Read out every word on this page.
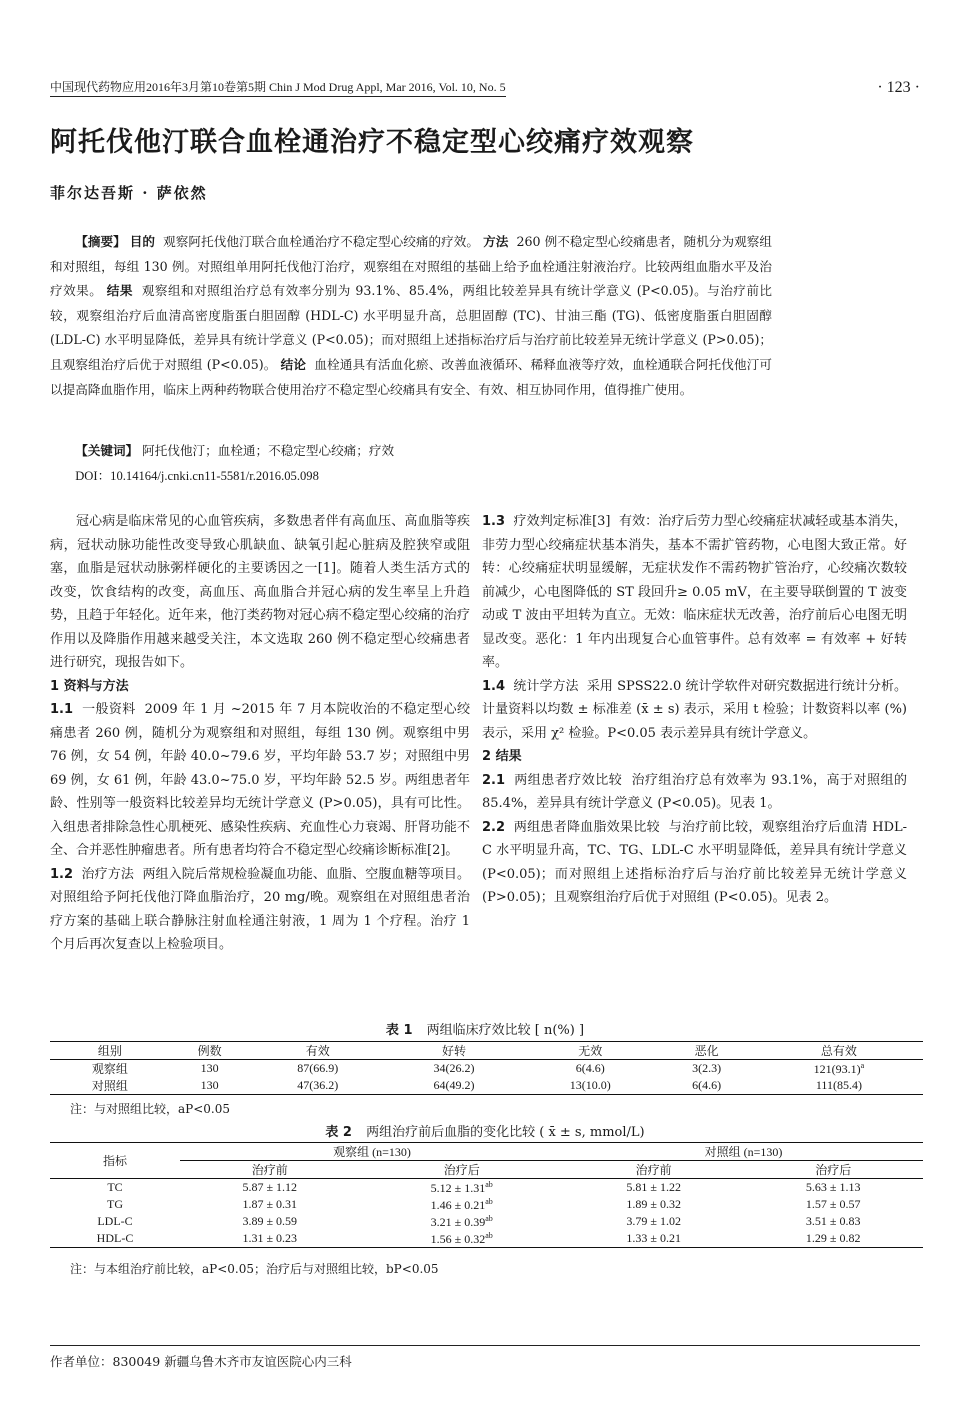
中国现代药物应用2016年3月第10卷第5期 Chin J Mod Drug Appl, Mar 2016, Vol. 10, No. 5	· 123 ·
阿托伐他汀联合血栓通治疗不稳定型心绞痛疗效观察
菲尔达吾斯 · 萨依然
【摘要】 目的 观察阿托伐他汀联合血栓通治疗不稳定型心绞痛的疗效。 方法 260 例不稳定型心绞痛患者，随机分为观察组和对照组，每组 130 例。对照组单用阿托伐他汀治疗，观察组在对照组的基础上给予血栓通注射液治疗。比较两组血脂水平及治疗效果。 结果 观察组和对照组治疗总有效率分别为 93.1%、85.4%，两组比较差异具有统计学意义 (P<0.05)。与治疗前比较，观察组治疗后血清高密度脂蛋白胆固醇 (HDL-C) 水平明显升高，总胆固醇 (TC)、甘油三酯 (TG)、低密度脂蛋白胆固醇 (LDL-C) 水平明显降低，差异具有统计学意义 (P<0.05)；而对照组上述指标治疗后与治疗前比较差异无统计学意义 (P>0.05)；且观察组治疗后优于对照组 (P<0.05)。 结论 血栓通具有活血化瘀、改善血液循环、稀释血液等疗效，血栓通联合阿托伐他汀可以提高降血脂作用，临床上两种药物联合使用治疗不稳定型心绞痛具有安全、有效、相互协同作用，值得推广使用。
【关键词】 阿托伐他汀；血栓通；不稳定型心绞痛；疗效
DOI：10.14164/j.cnki.cn11-5581/r.2016.05.098

冠心病是临床常见的心血管疾病，多数患者伴有高血压、高血脂等疾病，冠状动脉功能性改变导致心肌缺血、缺氧引起心脏病及腔狭窄或阻塞，血脂是冠状动脉粥样硬化的主要诱因之一[1]。随着人类生活方式的改变，饮食结构的改变，高血压、高血脂合并冠心病的发生率呈上升趋势，且趋于年轻化。近年来，他汀类药物对冠心病不稳定型心绞痛的治疗作用以及降脂作用越来越受关注，本文选取 260 例不稳定型心绞痛患者进行研究，现报告如下。

1 资料与方法

1.1 一般资料 2009 年 1 月 ~2015 年 7 月本院收治的不稳定型心绞痛患者 260 例，随机分为观察组和对照组，每组 130 例。观察组中男 76 例，女 54 例，年龄 40.0~79.6 岁，平均年龄 53.7 岁；对照组中男 69 例，女 61 例，年龄 43.0~75.0 岁，平均年龄 52.5 岁。两组患者年龄、性别等一般资料比较差异均无统计学意义 (P>0.05)，具有可比性。入组患者排除急性心肌梗死、感染性疾病、充血性心力衰竭、肝肾功能不全、合并恶性肿瘤患者。所有患者均符合不稳定型心绞痛诊断标准[2]。

1.2 治疗方法 两组入院后常规检验凝血功能、血脂、空腹血糖等项目。对照组给予阿托伐他汀降血脂治疗，20 mg/晚。观察组在对照组患者治疗方案的基础上联合静脉注射血栓通注射液，1 周为 1 个疗程。治疗 1 个月后再次复查以上检验项目。

1.3 疗效判定标准[3] 有效：治疗后劳力型心绞痛症状减轻或基本消失，非劳力型心绞痛症状基本消失，基本不需扩管药物，心电图大致正常。好转：心绞痛症状明显缓解，无症状发作不需药物扩管治疗，心绞痛次数较前减少，心电图降低的 ST 段回升≥ 0.05 mV，在主要导联倒置的 T 波变动或 T 波由平坦转为直立。无效：临床症状无改善，治疗前后心电图无明显改变。恶化：1 年内出现复合心血管事件。总有效率 = 有效率 + 好转率。

1.4 统计学方法 采用 SPSS22.0 统计学软件对研究数据进行统计分析。计量资料以均数 ± 标准差 (x̄ ± s) 表示，采用 t 检验；计数资料以率 (%) 表示，采用 χ² 检验。P<0.05 表示差异具有统计学意义。

2 结果

2.1 两组患者疗效比较 治疗组治疗总有效率为 93.1%，高于对照组的 85.4%，差异具有统计学意义 (P<0.05)。见表 1。

2.2 两组患者降血脂效果比较 与治疗前比较，观察组治疗后血清 HDL-C 水平明显升高，TC、TG、LDL-C 水平明显降低，差异具有统计学意义 (P<0.05)；而对照组上述指标治疗后与治疗前比较差异无统计学意义 (P>0.05)；且观察组治疗后优于对照组 (P<0.05)。见表 2。

表 1 两组临床疗效比较 [ n(%) ]
组别	例数	有效	好转	无效	恶化	总有效
观察组	130	87(66.9)	34(26.2)	6(4.6)	3(2.3)	$121(93.1)^a$
对照组	130	47(36.2)	64(49.2)	13(10.0)	6(4.6)	111(85.4)
注：与对照组比较，aP<0.05
表 2 两组治疗前后血脂的变化比较 ( x̄ ± s, mmol/L)
指标	观察组 (n=130)		对照组 (n=130)	
	治疗前	治疗后	治疗前	治疗后
TC	5.87 ± 1.12	5.12 ± 1.31$^{ab}$	5.81 ± 1.22	5.63 ± 1.13
TG	1.87 ± 0.31	1.46 ± 0.21$^{ab}$	1.89 ± 0.32	1.57 ± 0.57
LDL-C	3.89 ± 0.59	3.21 ± 0.39$^{ab}$	3.79 ± 1.02	3.51 ± 0.83
HDL-C	1.31 ± 0.23	1.56 ± 0.32$^{ab}$	1.33 ± 0.21	1.29 ± 0.82
注：与本组治疗前比较，aP<0.05；治疗后与对照组比较，bP<0.05
作者单位：830049 新疆乌鲁木齐市友谊医院心内三科
